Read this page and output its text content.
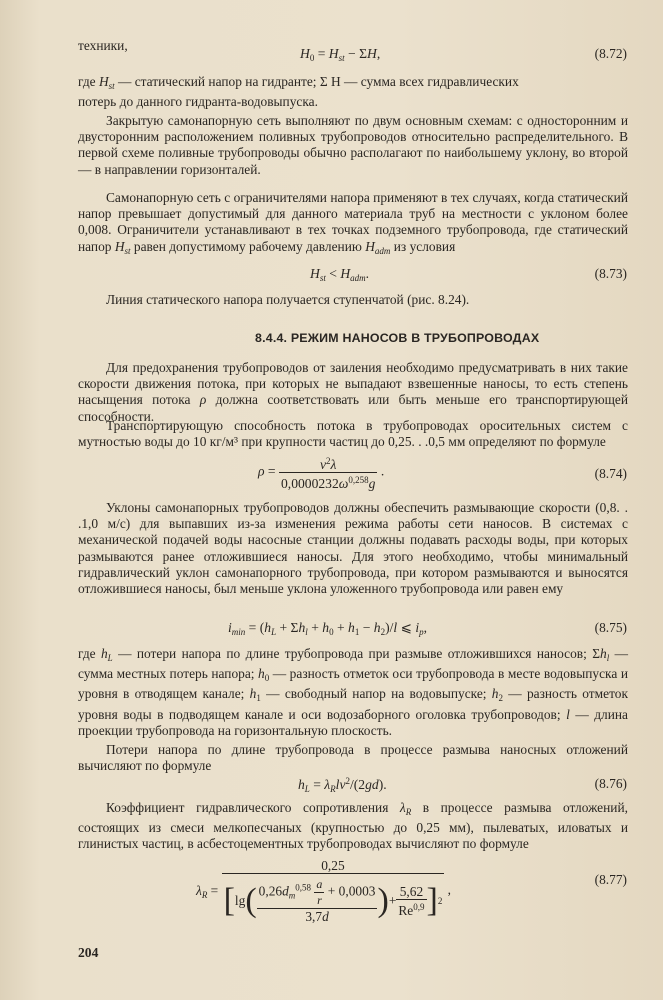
техники,

$H_0 = H_{st} - \Sigma H$,	(8.72)

где $H_{st}$ — статический напор на гидранте; Σ H — сумма всех гидравлических

потерь до данного гидранта-водовыпуска.

Закрытую самонапорную сеть выполняют по двум основным схемам: с односторонним и двусторонним расположением поливных трубопроводов относительно распределительного. В первой схеме поливные трубопроводы обычно располагают по наибольшему уклону, во второй — в направлении горизонталей.

Самонапорную сеть с ограничителями напора применяют в тех случаях, когда статический напор превышает допустимый для данного материала труб на местности с уклоном более 0,008. Ограничители устанавливают в тех точках подземного трубопровода, где статический напор $H_{st}$ равен допустимому рабочему давлению $H_{adm}$ из условия

$H_{st} < H_{adm}$.	(8.73)

Линия статического напора получается ступенчатой (рис. 8.24).

8.4.4. РЕЖИМ НАНОСОВ В ТРУБОПРОВОДАХ

Для предохранения трубопроводов от заиления необходимо предусматривать в них такие скорости движения потока, при которых не выпадают взвешенные наносы, то есть степень насыщения потока ρ должна соответствовать или быть меньше его транспортирующей способности.

Транспортирующую способность потока в трубопроводах оросительных систем с мутностью воды до 10 кг/м³ при крупности частиц до 0,25. . .0,5 мм определяют по формуле

$\rho = \frac{v^2\lambda}{0,0000232\omega^{0,258}g}$ .	(8.74)

Уклоны самонапорных трубопроводов должны обеспечить размывающие скорости (0,8. . .1,0 м/с) для выпавших из-за изменения режима работы сети наносов. В системах с механической подачей воды насосные станции должны подавать расходы воды, при которых размываются ранее отложившиеся наносы. Для этого необходимо, чтобы минимальный гидравлический уклон самонапорного трубопровода, при котором размываются и выносятся отложившиеся наносы, был меньше уклона уложенного трубопровода или равен ему

$i_{min} = (h_L + \Sigma h_l + h_0 + h_1 - h_2)/l$ ⩽ $i_p$,	(8.75)

где $h_L$ — потери напора по длине трубопровода при размыве отложившихся наносов; $\Sigma h_l$ — сумма местных потерь напора; $h_0$ — разность отметок оси трубопровода в месте водовыпуска и уровня в отводящем канале; $h_1$ — свободный напор на водовыпуске; $h_2$ — разность отметок уровня воды в подводящем канале и оси водозаборного оголовка трубопроводов; l — длина проекции трубопровода на горизонтальную плоскость.

Потери напора по длине трубопровода в процессе размыва наносных отложений вычисляют по формуле

$h_L = \lambda_Rlv^2/(2gd)$.	(8.76)

Коэффициент гидравлического сопротивления $\lambda_R$ в процессе размыва отложений, состоящих из смеси мелкопесчаных (крупностью до 0,25 мм), пылеватых, иловатых и глинистых частиц, в асбестоцементных трубопроводах вычисляют по формуле

$\lambda_R$ =
0,25
[ lg ( $\frac{0,26d_m^{0,58} \frac{a}{r} + 0,0003}{3,7d}$ ) + $\frac{5,62}{Re^{0,9}}$ ] 2
,
(8.77)
204
